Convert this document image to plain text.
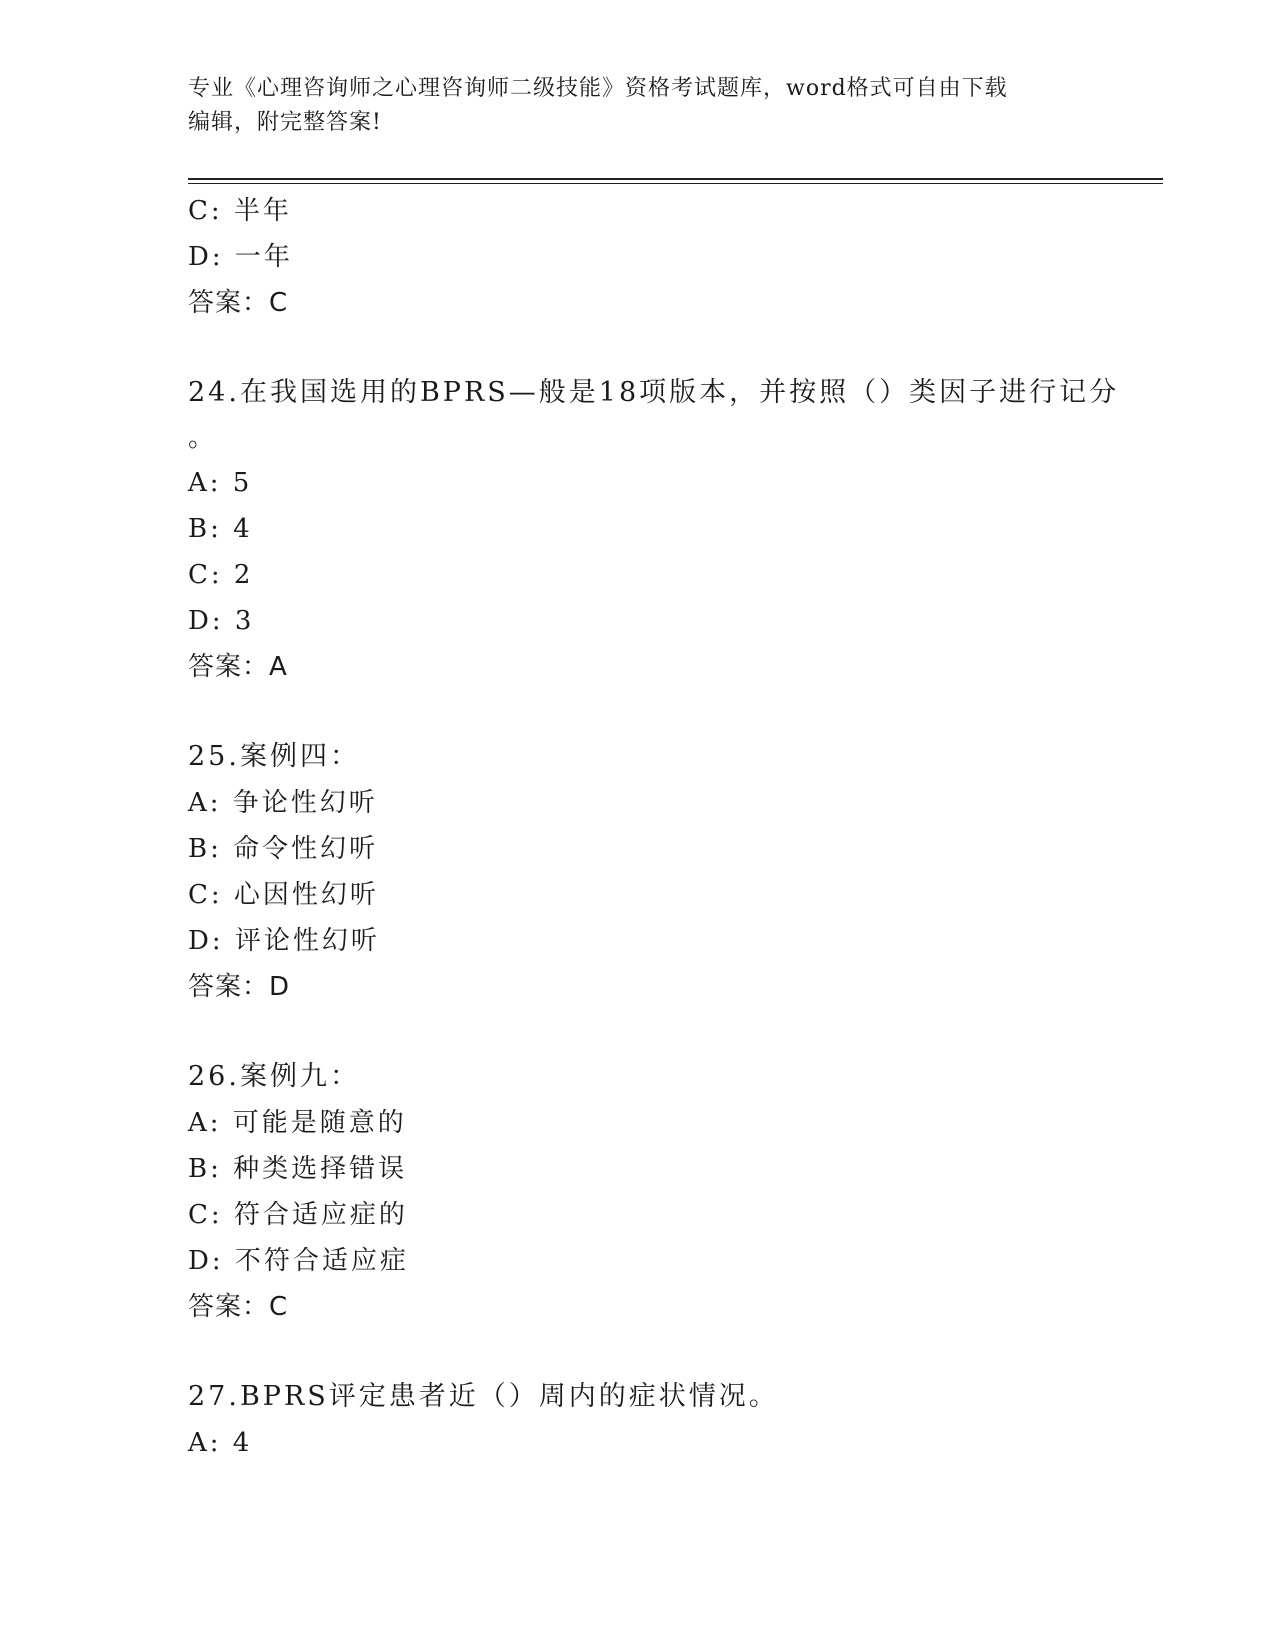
专业《心理咨询师之心理咨询师二级技能》资格考试题库，word格式可自由下载
编辑，附完整答案!
C: 半年
D: 一年
答案：C
24.在我国选用的BPRS—般是18项版本，并按照（）类因子进行记分
。
A: 5
B: 4
C: 2
D: 3
答案：A
25.案例四：
A: 争论性幻听
B: 命令性幻听
C: 心因性幻听
D: 评论性幻听
答案：D
26.案例九：
A: 可能是随意的
B: 种类选择错误
C: 符合适应症的
D: 不符合适应症
答案：C
27.BPRS评定患者近（）周内的症状情况。
A: 4
